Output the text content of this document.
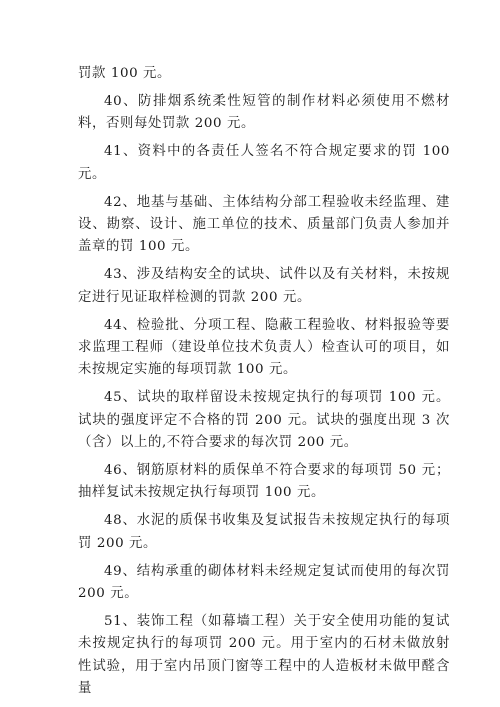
罚款 100 元。

40、防排烟系统柔性短管的制作材料必须使用不燃材料，否则每处罚款 200 元。

41、资料中的各责任人签名不符合规定要求的罚 100 元。

42、地基与基础、主体结构分部工程验收未经监理、建设、勘察、设计、施工单位的技术、质量部门负责人参加并盖章的罚 100 元。

43、涉及结构安全的试块、试件以及有关材料，未按规定进行见证取样检测的罚款 200 元。

44、检验批、分项工程、隐蔽工程验收、材料报验等要求监理工程师（建设单位技术负责人）检查认可的项目，如未按规定实施的每项罚款 100 元。

45、试块的取样留设未按规定执行的每项罚 100 元。试块的强度评定不合格的罚 200 元。试块的强度出现 3 次（含）以上的,不符合要求的每次罚 200 元。

46、钢筋原材料的质保单不符合要求的每项罚 50 元；抽样复试未按规定执行每项罚 100 元。

48、水泥的质保书收集及复试报告未按规定执行的每项罚 200 元。

49、结构承重的砌体材料未经规定复试而使用的每次罚 200 元。

51、装饰工程（如幕墙工程）关于安全使用功能的复试未按规定执行的每项罚 200 元。用于室内的石材未做放射性试验，用于室内吊顶门窗等工程中的人造板材未做甲醛含量
